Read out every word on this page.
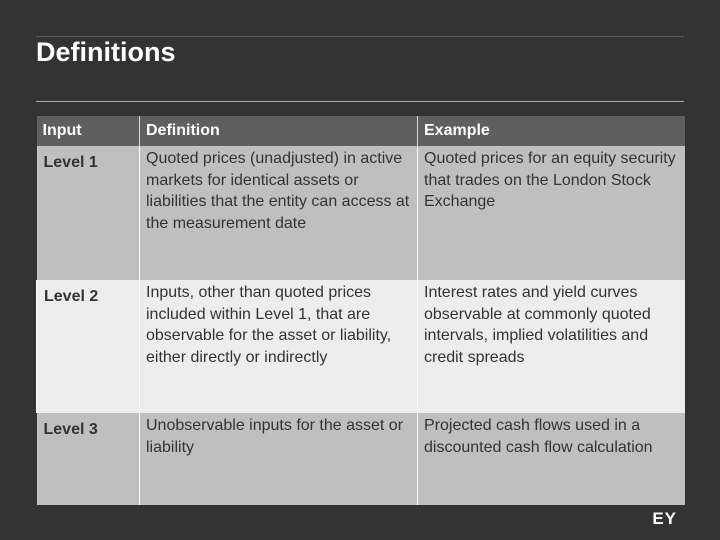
Definitions
Input	Definition	Example
Level 1	Quoted prices (unadjusted) in active markets for identical assets or liabilities that the entity can access at the measurement date	Quoted prices for an equity security that trades on the London Stock Exchange
Level 2	Inputs, other than quoted prices included within Level 1, that are observable for the asset or liability, either directly or indirectly	Interest rates and yield curves observable at commonly quoted intervals, implied volatilities and credit spreads
Level 3	Unobservable inputs for the asset or liability	Projected cash flows used in a discounted cash flow calculation
EY
